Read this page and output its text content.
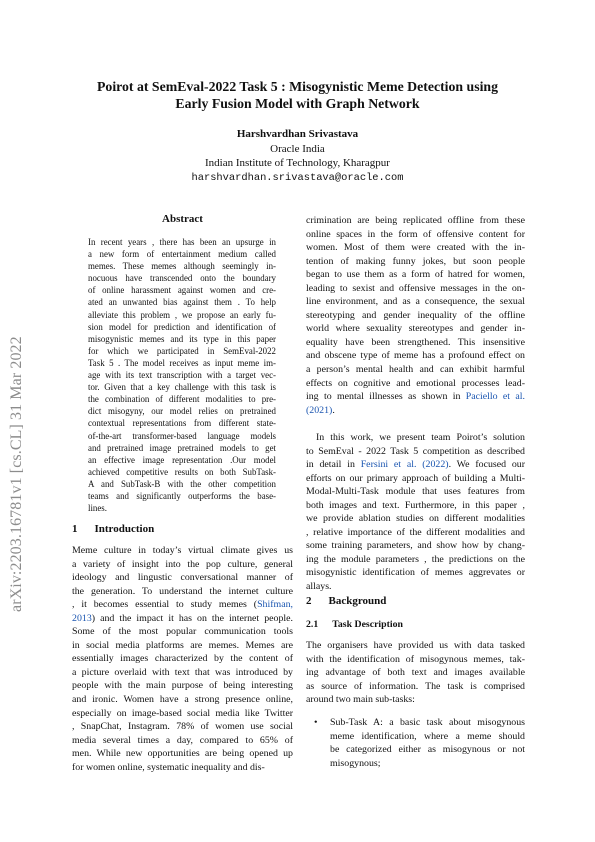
arXiv:2203.16781v1 [cs.CL] 31 Mar 2022
Poirot at SemEval-2022 Task 5 : Misogynistic Meme Detection using
Early Fusion Model with Graph Network
Harshvardhan Srivastava
Oracle India
Indian Institute of Technology, Kharagpur
harshvardhan.srivastava@oracle.com
Abstract
In recent years , there has been an upsurge in
a new form of entertainment medium called
memes. These memes although seemingly in-
nocuous have transcended onto the boundary
of online harassment against women and cre-
ated an unwanted bias against them . To help
alleviate this problem , we propose an early fu-
sion model for prediction and identification of
misogynistic memes and its type in this paper
for which we participated in SemEval-2022
Task 5 . The model receives as input meme im-
age with its text transcription with a target vec-
tor. Given that a key challenge with this task is
the combination of different modalities to pre-
dict misogyny, our model relies on pretrained
contextual representations from different state-
of-the-art transformer-based language models
and pretrained image pretrained models to get
an effective image representation .Our model
achieved competitive results on both SubTask-
A and SubTask-B with the other competition
teams and significantly outperforms the base-
lines.
1 Introduction
Meme culture in today’s virtual climate gives us
a variety of insight into the pop culture, general
ideology and lingustic conversational manner of
the generation. To understand the internet culture
, it becomes essential to study memes (Shifman,
2013) and the impact it has on the internet people.
Some of the most popular communication tools
in social media platforms are memes. Memes are
essentially images characterized by the content of
a picture overlaid with text that was introduced by
people with the main purpose of being interesting
and ironic. Women have a strong presence online,
especially on image-based social media like Twitter
, SnapChat, Instagram. 78% of women use social
media several times a day, compared to 65% of
men. While new opportunities are being opened up
for women online, systematic inequality and dis-
crimination are being replicated offline from these
online spaces in the form of offensive content for
women. Most of them were created with the in-
tention of making funny jokes, but soon people
began to use them as a form of hatred for women,
leading to sexist and offensive messages in the on-
line environment, and as a consequence, the sexual
stereotyping and gender inequality of the offline
world where sexuality stereotypes and gender in-
equality have been strengthened. This insensitive
and obscene type of meme has a profound effect on
a person’s mental health and can exhibit harmful
effects on cognitive and emotional processes lead-
ing to mental illnesses as shown in Paciello et al.
(2021).
In this work, we present team Poirot’s solution
to SemEval - 2022 Task 5 competition as described
in detail in Fersini et al. (2022). We focused our
efforts on our primary approach of building a Multi-
Modal-Multi-Task module that uses features from
both images and text. Furthermore, in this paper ,
we provide ablation studies on different modalities
, relative importance of the different modalities and
some training parameters, and show how by chang-
ing the module parameters , the predictions on the
misogynistic identification of memes aggrevates or
allays.
2 Background
2.1 Task Description
The organisers have provided us with data tasked
with the identification of misogynous memes, tak-
ing advantage of both text and images available
as source of information. The task is comprised
around two main sub-tasks:
• Sub-Task A: a basic task about misogynous
meme identification, where a meme should
be categorized either as misogynous or not
misogynous;
